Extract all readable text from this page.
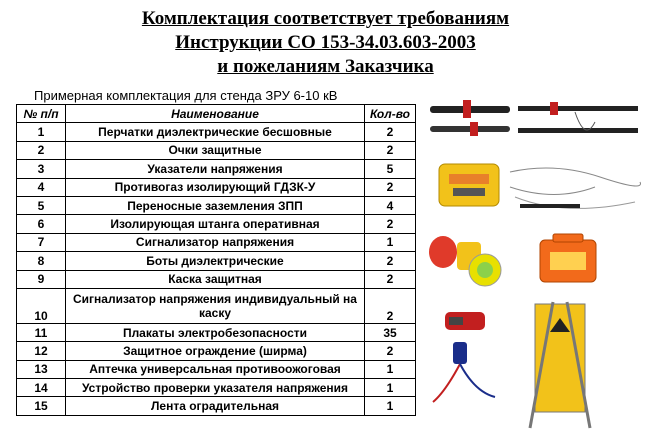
Комплектация соответствует требованиям
Инструкции СО 153-34.03.603-2003
и пожеланиям Заказчика
Примерная комплектация для стенда ЗРУ 6-10 кВ
№ п/п	Наименование	Кол-во
1	Перчатки диэлектрические бесшовные	2
2	Очки защитные	2
3	Указатели напряжения	5
4	Противогаз изолирующий ГДЗК-У	2
5	Переносные заземления ЗПП	4
6	Изолирующая штанга оперативная	2
7	Сигнализатор напряжения	1
8	Боты диэлектрические	2
9	Каска защитная	2
10	Сигнализатор напряжения индивидуальный на каску	2
11	Плакаты электробезопасности	35
12	Защитное ограждение (ширма)	2
13	Аптечка универсальная противоожоговая	1
14	Устройство проверки указателя напряжения	1
15	Лента оградительная	1
